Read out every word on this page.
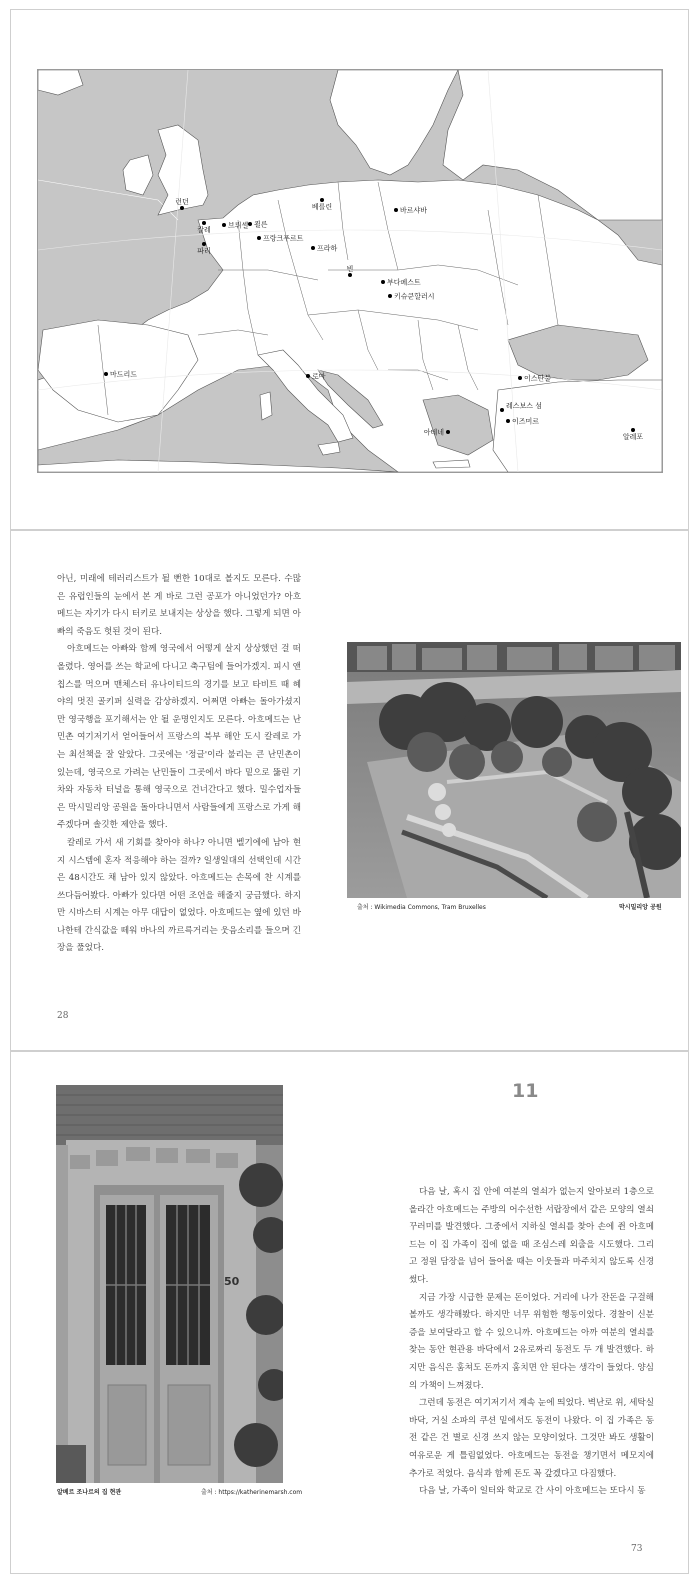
런던
칼레
브뤼셀 쾰른
프랑크푸르트
베를린	바르샤바
파리	프라하
빈
부다페스트
키슈쿤할러시
마드리드	로마	이스탄불
레스보스 섬
이즈미르
아테네
알레포

아닌, 미래에 테러리스트가 될 뻔한 10대로 볼지도 모른다. 수많은 유럽인들의 눈에서 본 게 바로 그런 공포가 아니었던가? 아흐메드는 자기가 다시 터키로 보내지는 상상을 했다. 그렇게 되면 아빠의 죽음도 헛된 것이 된다.

아흐메드는 아빠와 함께 영국에서 어떻게 살지 상상했던 걸 떠올렸다. 영어를 쓰는 학교에 다니고 축구팀에 들어가겠지. 피시 앤 칩스를 먹으며 맨체스터 유나이티드의 경기를 보고 타비트 때 혜야의 멋진 골키퍼 실력을 감상하겠지. 어쩌면 아빠는 돌아가셨지만 영국행을 포기해서는 안 될 운명인지도 모른다. 아흐메드는 난민촌 여기저기서 얻어들어서 프랑스의 북부 해안 도시 칼레로 가는 최선책을 잘 알았다. 그곳에는 '정글'이라 불리는 큰 난민촌이 있는데, 영국으로 가려는 난민들이 그곳에서 바다 밑으로 뚫린 기차와 자동차 터널을 통해 영국으로 건너간다고 했다. 밀수업자들은 막시밀리앙 공원을 돌아다니면서 사람들에게 프랑스로 가게 해 주겠다며 솔깃한 제안을 했다.

칼레로 가서 새 기회를 찾아야 하나? 아니면 벨기에에 남아 현지 시스템에 혼자 적응해야 하는 걸까? 일생일대의 선택인데 시간은 48시간도 채 남아 있지 않았다. 아흐메드는 손목에 찬 시계를 쓰다듬어봤다. 아빠가 있다면 어떤 조언을 해줄지 궁금했다. 하지만 시바스터 시계는 아무 대답이 없었다. 아흐메드는 옆에 있던 바나한테 간식값을 떼워 바나의 까르륵거리는 웃음소리를 들으며 긴장을 풀었다.

출처 : Wikimedia Commons, Tram Bruxelles	막시밀리앙 공원
28
50
알베르 조나르의 집 현관	출처 : https://katherinemarsh.com
11

다음 날, 혹시 집 안에 여분의 열쇠가 없는지 알아보러 1층으로 올라간 아흐메드는 주방의 어수선한 서랍장에서 같은 모양의 열쇠 꾸러미를 발견했다. 그중에서 지하실 열쇠를 찾아 손에 쥔 아흐메드는 이 집 가족이 집에 없을 때 조심스레 외출을 시도했다. 그리고 정원 담장을 넘어 들어올 때는 이웃들과 마주치지 않도록 신경 썼다.

지금 가장 시급한 문제는 돈이었다. 거리에 나가 잔돈을 구걸해 볼까도 생각해봤다. 하지만 너무 위험한 행동이었다. 경찰이 신분증을 보여달라고 할 수 있으니까. 아흐메드는 아까 여분의 열쇠를 찾는 동안 현관용 바닥에서 2유로짜리 동전도 두 개 발견했다. 하지만 음식은 훔쳐도 돈까지 훔치면 안 된다는 생각이 들었다. 양심의 가책이 느껴졌다.

그런데 동전은 여기저기서 계속 눈에 띄었다. 벽난로 위, 세탁실 바닥, 거실 소파의 쿠션 밑에서도 동전이 나왔다. 이 집 가족은 동전 같은 건 별로 신경 쓰지 않는 모양이었다. 그것만 봐도 생활이 여유로운 게 틀림없었다. 아흐메드는 동전을 챙기면서 메모지에 추가로 적었다. 음식과 함께 돈도 꼭 갚겠다고 다짐했다.

다음 날, 가족이 일터와 학교로 간 사이 아흐메드는 또다시 동

73
